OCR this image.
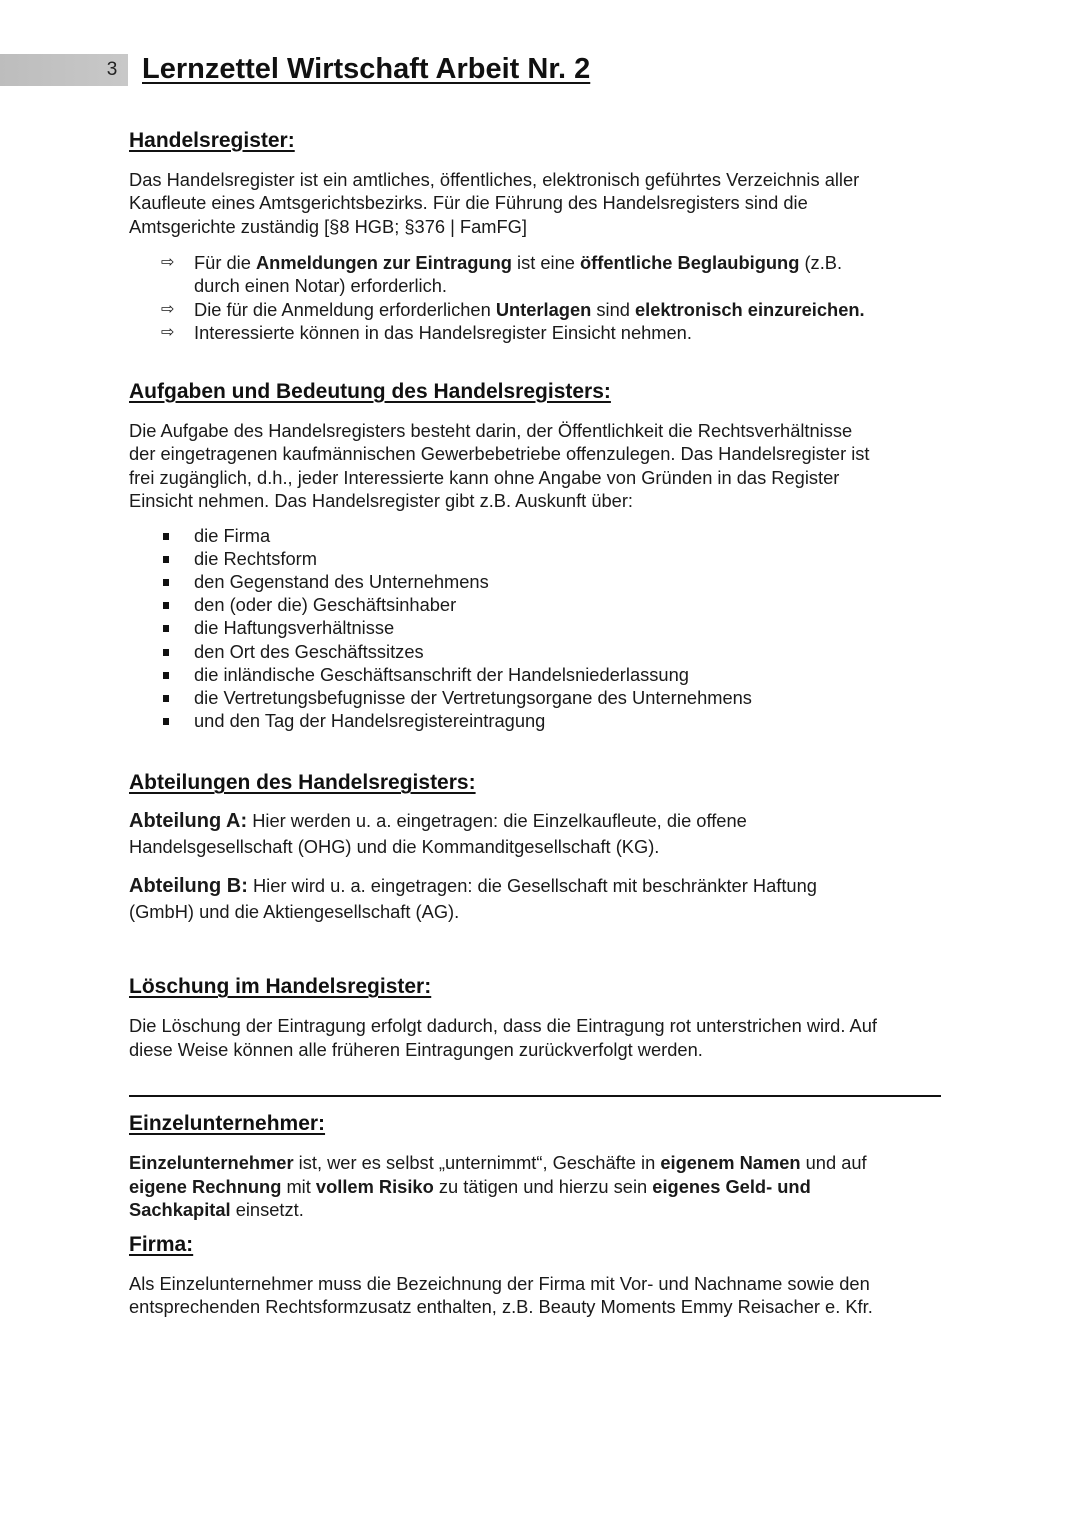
3 Lernzettel Wirtschaft Arbeit Nr. 2
Handelsregister:

Das Handelsregister ist ein amtliches, öffentliches, elektronisch geführtes Verzeichnis aller
Kaufleute eines Amtsgerichtsbezirks. Für die Führung des Handelsregisters sind die
Amtsgerichte zuständig [§8 HGB; §376 | FamFG]

⇨ Für die Anmeldungen zur Eintragung ist eine öffentliche Beglaubigung (z.B.
durch einen Notar) erforderlich.
⇨ Die für die Anmeldung erforderlichen Unterlagen sind elektronisch einzureichen.
⇨ Interessierte können in das Handelsregister Einsicht nehmen.
Aufgaben und Bedeutung des Handelsregisters:

Die Aufgabe des Handelsregisters besteht darin, der Öffentlichkeit die Rechtsverhältnisse
der eingetragenen kaufmännischen Gewerbebetriebe offenzulegen. Das Handelsregister ist
frei zugänglich, d.h., jeder Interessierte kann ohne Angabe von Gründen in das Register
Einsicht nehmen. Das Handelsregister gibt z.B. Auskunft über:

die Firma
die Rechtsform
den Gegenstand des Unternehmens
den (oder die) Geschäftsinhaber
die Haftungsverhältnisse
den Ort des Geschäftssitzes
die inländische Geschäftsanschrift der Handelsniederlassung
die Vertretungsbefugnisse der Vertretungsorgane des Unternehmens
und den Tag der Handelsregistereintragung
Abteilungen des Handelsregisters:

Abteilung A: Hier werden u. a. eingetragen: die Einzelkaufleute, die offene
Handelsgesellschaft (OHG) und die Kommanditgesellschaft (KG).

Abteilung B: Hier wird u. a. eingetragen: die Gesellschaft mit beschränkter Haftung
(GmbH) und die Aktiengesellschaft (AG).

Löschung im Handelsregister:

Die Löschung der Eintragung erfolgt dadurch, dass die Eintragung rot unterstrichen wird. Auf
diese Weise können alle früheren Eintragungen zurückverfolgt werden.

Einzelunternehmer:

Einzelunternehmer ist, wer es selbst „unternimmt“, Geschäfte in eigenem Namen und auf
eigene Rechnung mit vollem Risiko zu tätigen und hierzu sein eigenes Geld- und
Sachkapital einsetzt.

Firma:

Als Einzelunternehmer muss die Bezeichnung der Firma mit Vor- und Nachname sowie den
entsprechenden Rechtsformzusatz enthalten, z.B. Beauty Moments Emmy Reisacher e. Kfr.
